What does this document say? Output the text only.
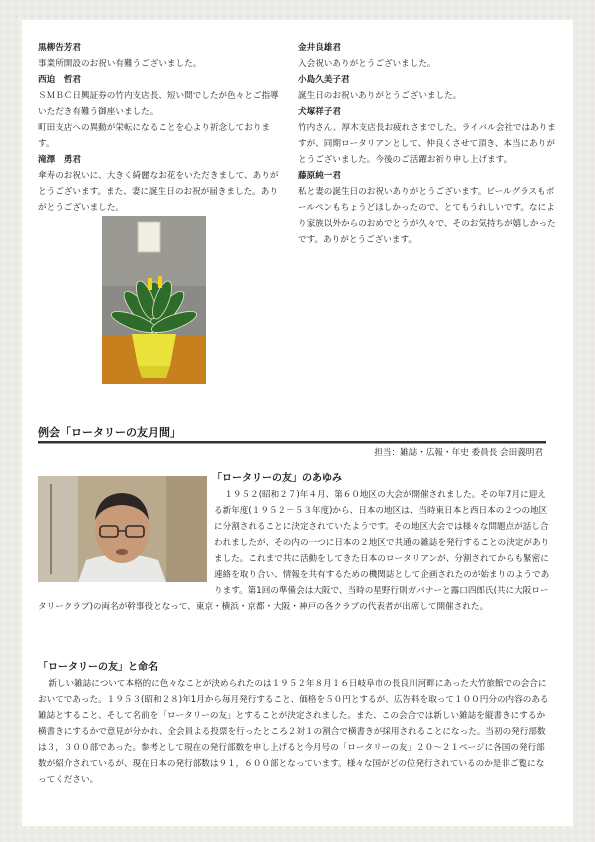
黒柳告芳君

事業所開設のお祝い有難うございました。

西迫　哲君

ＳＭＢＣ日興証券の竹内支店長、短い間でしたが色々とご指導いただき有難う御座いました。
町田支店への異動が栄転になることを心より祈念しております。

滝澤　勇君

傘寿のお祝いに、大きく綺麗なお花をいただきまして、ありがとうございます。また、妻に誕生日のお祝が届きました。ありがとうございました。

金井良雄君

入会祝いありがとうございました。

小島久美子君

誕生日のお祝いありがとうございました。

犬塚祥子君

竹内さん、厚木支店長お疲れさまでした。ライバル会社ではありますが、同期ロータリアンとして、仲良くさせて頂き、本当にありがとうございました。今後のご活躍お祈り申し上げます。

藤原純一君

私と妻の誕生日のお祝いありがとうございます。ビールグラスもボールペンもちょうどほしかったので、とてもうれしいです。なにより家族以外からのおめでとうが久々で、そのお気持ちが嬉しかったです。ありがとうございます。

例会「ロータリーの友月間」
担当：雑誌・広報・年史 委員長 会田義明君

「ロータリーの友」のあゆみ

１９５２(昭和２７)年４月、第６０地区の大会が開催されました。その年7月に迎える新年度(１９５２－５３年度)から、日本の地区は、当時東日本と西日本の２つの地区に分割されることに決定されていたようです。その地区大会では様々な問題点が話し合われましたが、その内の一つに日本の２地区で共通の雑誌を発行することの決定がありました。これまで共に活動をしてきた日本のロータリアンが、分割されてからも緊密に連絡を取り合い、情報を共有するための機関誌として企画されたのが始まりのようであります。第1回の準備会は大阪で、当時の星野行則ガバナーと露口四郎氏(共に大阪ロータリークラブ)の両名が幹事役となって、東京・横浜・京都・大阪・神戸の各クラブの代表者が出席して開催された。

「ロータリーの友」と命名

新しい雑誌について本格的に色々なことが決められたのは１９５２年８月１６日岐阜市の長良川河畔にあった大竹旅館での会合においてであった。１９５３(昭和２８)年1月から毎月発行すること、価格を５０円とするが、広告料を取って１００円分の内容のある雑誌とすること、そして名前を「ロータリーの友」とすることが決定されました。また、この会合では新しい雑誌を縦書きにするか横書きにするかで意見が分かれ、全会員よる投票を行ったところ２対１の割合で横書きが採用されることになった。当初の発行部数は３，３００部であった。参考として現在の発行部数を申し上げると今月号の「ロータリーの友」２０～２１ページに各国の発行部数が紹介されているが、現在日本の発行部数は９１，６００部となっています。様々な国がどの位発行されているのか是非ご覧になってください。
